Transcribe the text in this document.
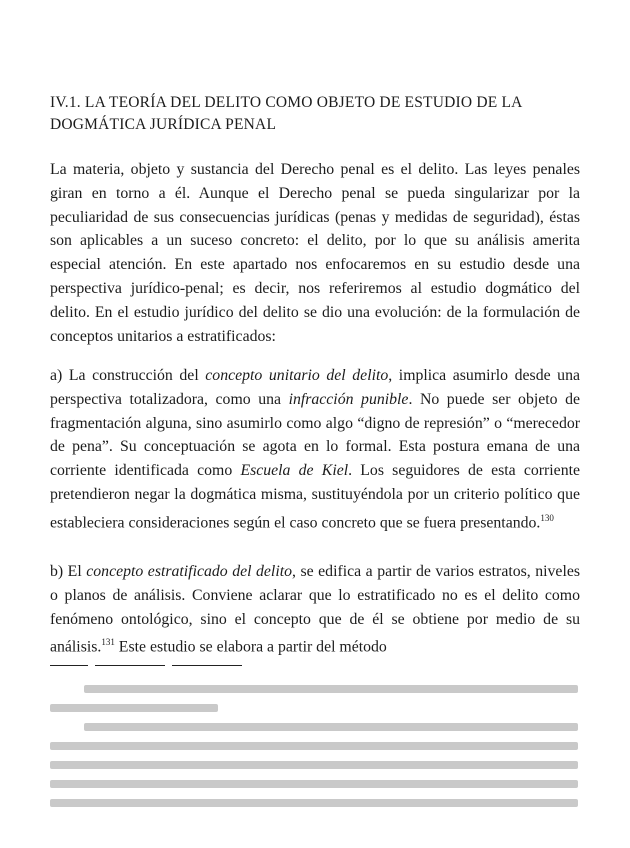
IV.1. LA TEORÍA DEL DELITO COMO OBJETO DE ESTUDIO DE LA DOGMÁTICA JURÍDICA PENAL

La materia, objeto y sustancia del Derecho penal es el delito. Las leyes penales giran en torno a él. Aunque el Derecho penal se pueda singularizar por la peculiaridad de sus consecuencias jurídicas (penas y medidas de seguridad), éstas son aplicables a un suceso concreto: el delito, por lo que su análisis amerita especial atención. En este apartado nos enfocaremos en su estudio desde una perspectiva jurídico-penal; es decir, nos referiremos al estudio dogmático del delito. En el estudio jurídico del delito se dio una evolución: de la formulación de conceptos unitarios a estratificados:

a) La construcción del concepto unitario del delito, implica asumirlo desde una perspectiva totalizadora, como una infracción punible. No puede ser objeto de fragmentación alguna, sino asumirlo como algo “digno de represión” o “merecedor de pena”. Su conceptuación se agota en lo formal. Esta postura emana de una corriente identificada como Escuela de Kiel. Los seguidores de esta corriente pretendieron negar la dogmática misma, sustituyéndola por un criterio político que estableciera consideraciones según el caso concreto que se fuera presentando.$^{130}$

b) El concepto estratificado del delito, se edifica a partir de varios estratos, niveles o planos de análisis. Conviene aclarar que lo estratificado no es el delito como fenómeno ontológico, sino el concepto que de él se obtiene por medio de su análisis.$^{131}$ Este estudio se elabora a partir del método
